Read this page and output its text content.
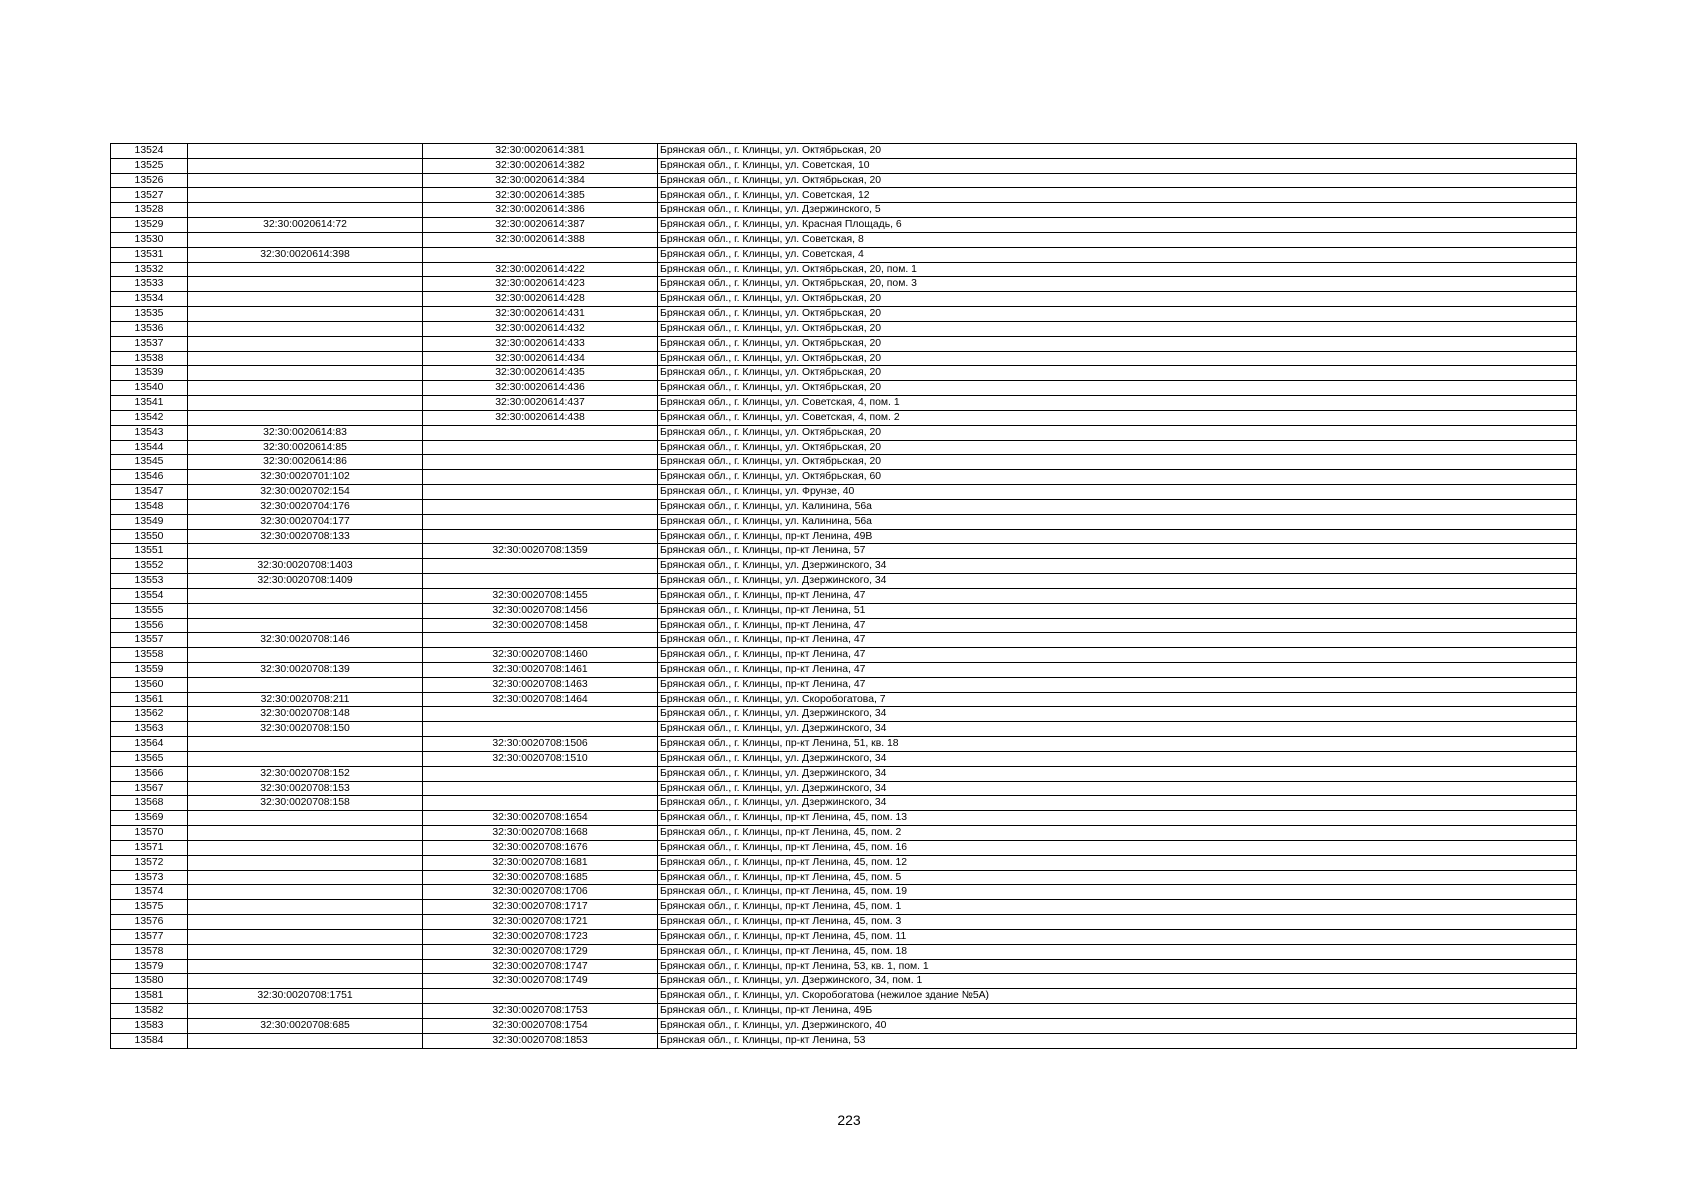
13524		32:30:0020614:381	Брянская обл., г. Клинцы, ул. Октябрьская, 20
13525		32:30:0020614:382	Брянская обл., г. Клинцы, ул. Советская, 10
13526		32:30:0020614:384	Брянская обл., г. Клинцы, ул. Октябрьская, 20
13527		32:30:0020614:385	Брянская обл., г. Клинцы, ул. Советская, 12
13528		32:30:0020614:386	Брянская обл., г. Клинцы, ул. Дзержинского, 5
13529	32:30:0020614:72	32:30:0020614:387	Брянская обл., г. Клинцы, ул. Красная Площадь, 6
13530		32:30:0020614:388	Брянская обл., г. Клинцы, ул. Советская, 8
13531	32:30:0020614:398		Брянская обл., г. Клинцы, ул. Советская, 4
13532		32:30:0020614:422	Брянская обл., г. Клинцы, ул. Октябрьская, 20, пом. 1
13533		32:30:0020614:423	Брянская обл., г. Клинцы, ул. Октябрьская, 20, пом. 3
13534		32:30:0020614:428	Брянская обл., г. Клинцы, ул. Октябрьская, 20
13535		32:30:0020614:431	Брянская обл., г. Клинцы, ул. Октябрьская, 20
13536		32:30:0020614:432	Брянская обл., г. Клинцы, ул. Октябрьская, 20
13537		32:30:0020614:433	Брянская обл., г. Клинцы, ул. Октябрьская, 20
13538		32:30:0020614:434	Брянская обл., г. Клинцы, ул. Октябрьская, 20
13539		32:30:0020614:435	Брянская обл., г. Клинцы, ул. Октябрьская, 20
13540		32:30:0020614:436	Брянская обл., г. Клинцы, ул. Октябрьская, 20
13541		32:30:0020614:437	Брянская обл., г. Клинцы, ул. Советская, 4, пом. 1
13542		32:30:0020614:438	Брянская обл., г. Клинцы, ул. Советская, 4, пом. 2
13543	32:30:0020614:83		Брянская обл., г. Клинцы, ул. Октябрьская, 20
13544	32:30:0020614:85		Брянская обл., г. Клинцы, ул. Октябрьская, 20
13545	32:30:0020614:86		Брянская обл., г. Клинцы, ул. Октябрьская, 20
13546	32:30:0020701:102		Брянская обл., г. Клинцы, ул. Октябрьская, 60
13547	32:30:0020702:154		Брянская обл., г. Клинцы, ул. Фрунзе, 40
13548	32:30:0020704:176		Брянская обл., г. Клинцы, ул. Калинина, 56а
13549	32:30:0020704:177		Брянская обл., г. Клинцы, ул. Калинина, 56а
13550	32:30:0020708:133		Брянская обл., г. Клинцы, пр-кт Ленина, 49В
13551		32:30:0020708:1359	Брянская обл., г. Клинцы, пр-кт Ленина, 57
13552	32:30:0020708:1403		Брянская обл., г. Клинцы, ул. Дзержинского, 34
13553	32:30:0020708:1409		Брянская обл., г. Клинцы, ул. Дзержинского, 34
13554		32:30:0020708:1455	Брянская обл., г. Клинцы, пр-кт Ленина, 47
13555		32:30:0020708:1456	Брянская обл., г. Клинцы, пр-кт Ленина, 51
13556		32:30:0020708:1458	Брянская обл., г. Клинцы, пр-кт Ленина, 47
13557	32:30:0020708:146		Брянская обл., г. Клинцы, пр-кт Ленина, 47
13558		32:30:0020708:1460	Брянская обл., г. Клинцы, пр-кт Ленина, 47
13559	32:30:0020708:139	32:30:0020708:1461	Брянская обл., г. Клинцы, пр-кт Ленина, 47
13560		32:30:0020708:1463	Брянская обл., г. Клинцы, пр-кт Ленина, 47
13561	32:30:0020708:211	32:30:0020708:1464	Брянская обл., г. Клинцы, ул. Скоробогатова, 7
13562	32:30:0020708:148		Брянская обл., г. Клинцы, ул. Дзержинского, 34
13563	32:30:0020708:150		Брянская обл., г. Клинцы, ул. Дзержинского, 34
13564		32:30:0020708:1506	Брянская обл., г. Клинцы, пр-кт Ленина, 51, кв. 18
13565		32:30:0020708:1510	Брянская обл., г. Клинцы, ул. Дзержинского, 34
13566	32:30:0020708:152		Брянская обл., г. Клинцы, ул. Дзержинского, 34
13567	32:30:0020708:153		Брянская обл., г. Клинцы, ул. Дзержинского, 34
13568	32:30:0020708:158		Брянская обл., г. Клинцы, ул. Дзержинского, 34
13569		32:30:0020708:1654	Брянская обл., г. Клинцы, пр-кт Ленина, 45, пом. 13
13570		32:30:0020708:1668	Брянская обл., г. Клинцы, пр-кт Ленина, 45, пом. 2
13571		32:30:0020708:1676	Брянская обл., г. Клинцы, пр-кт Ленина, 45, пом. 16
13572		32:30:0020708:1681	Брянская обл., г. Клинцы, пр-кт Ленина, 45, пом. 12
13573		32:30:0020708:1685	Брянская обл., г. Клинцы, пр-кт Ленина, 45, пом. 5
13574		32:30:0020708:1706	Брянская обл., г. Клинцы, пр-кт Ленина, 45, пом. 19
13575		32:30:0020708:1717	Брянская обл., г. Клинцы, пр-кт Ленина, 45, пом. 1
13576		32:30:0020708:1721	Брянская обл., г. Клинцы, пр-кт Ленина, 45, пом. 3
13577		32:30:0020708:1723	Брянская обл., г. Клинцы, пр-кт Ленина, 45, пом. 11
13578		32:30:0020708:1729	Брянская обл., г. Клинцы, пр-кт Ленина, 45, пом. 18
13579		32:30:0020708:1747	Брянская обл., г. Клинцы, пр-кт Ленина, 53, кв. 1, пом. 1
13580		32:30:0020708:1749	Брянская обл., г. Клинцы, ул. Дзержинского, 34, пом. 1
13581	32:30:0020708:1751		Брянская обл., г. Клинцы, ул. Скоробогатова (нежилое здание №5А)
13582		32:30:0020708:1753	Брянская обл., г. Клинцы, пр-кт Ленина, 49Б
13583	32:30:0020708:685	32:30:0020708:1754	Брянская обл., г. Клинцы, ул. Дзержинского, 40
13584		32:30:0020708:1853	Брянская обл., г. Клинцы, пр-кт Ленина, 53
223
